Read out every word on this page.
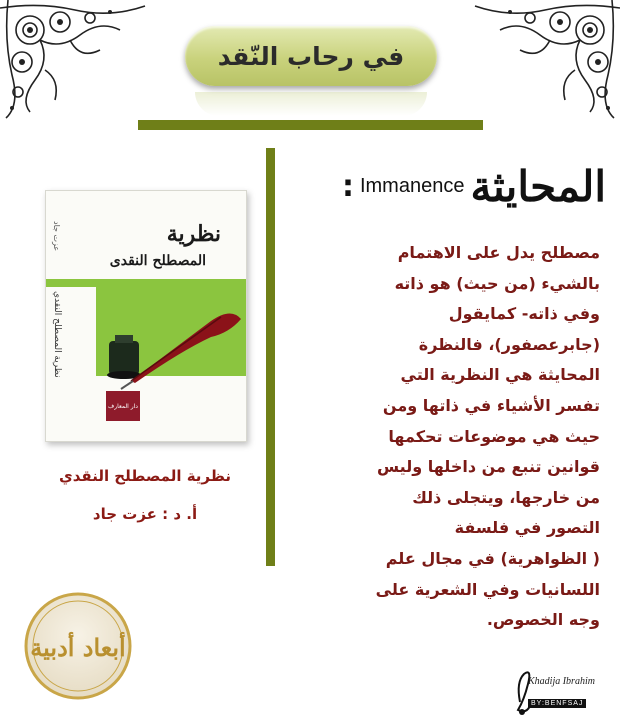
في رحاب النّقد
نظرية
المصطلح النقدى
عزت جاد
نظرية المصطلح النقدي
دار المعارف
نظرية المصطلح النقدي
أ. د : عزت جاد
المحايثة
Immanence
:
مصطلح يدل على الاهتمام
بالشيء (من حيث) هو ذاته
وفي ذاته- كمايقول
(جابرعصفور)، فالنظرة
المحايثة هي النظرية التي
تفسر الأشياء في ذاتها ومن
حيث هي موضوعات تحكمها
قوانين تنبع من داخلها وليس
من خارجها، ويتجلى ذلك
التصور في فلسفة
( الظواهرية) في مجال علم
اللسانيات وفي الشعرية على
وجه الخصوص.
أبعاد أدبية
Khadija Ibrahim
BY:BENFSAJ
